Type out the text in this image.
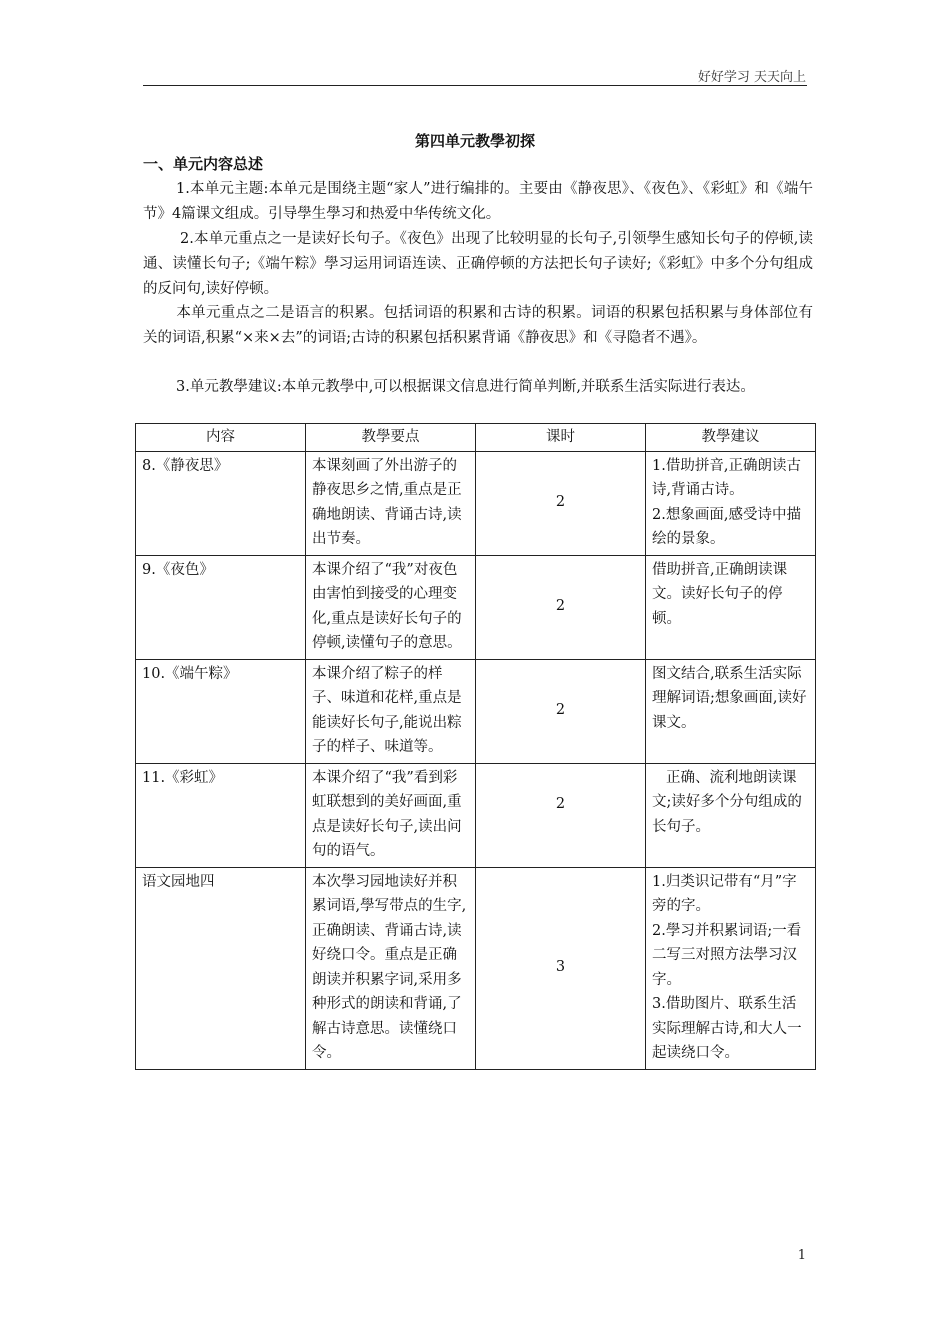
好好学习 天天向上
第四单元教學初探
一、单元内容总述
1.本单元主题:本单元是围绕主题“家人”进行编排的。主要由《静夜思》、《夜色》、《彩虹》和《端午节》4篇课文组成。引导學生學习和热爱中华传统文化。
2.本单元重点之一是读好长句子。《夜色》出现了比较明显的长句子,引领學生感知长句子的停顿,读通、读懂长句子;《端午粽》學习运用词语连读、正确停顿的方法把长句子读好;《彩虹》中多个分句组成的反问句,读好停顿。
本单元重点之二是语言的积累。包括词语的积累和古诗的积累。词语的积累包括积累与身体部位有关的词语,积累“×来×去”的词语;古诗的积累包括积累背诵《静夜思》和《寻隐者不遇》。
3.单元教學建议:本单元教學中,可以根据课文信息进行简单判断,并联系生活实际进行表达。
内容	教學要点	课时	教學建议
8.《静夜思》	本课刻画了外出游子的静夜思乡之情,重点是正确地朗读、背诵古诗,读出节奏。	2	1.借助拼音,正确朗读古诗,背诵古诗。
2.想象画面,感受诗中描绘的景象。

9.《夜色》	本课介绍了“我”对夜色由害怕到接受的心理变化,重点是读好长句子的停顿,读懂句子的意思。	2	借助拼音,正确朗读课文。读好长句子的停顿。

10.《端午粽》	本课介绍了粽子的样子、味道和花样,重点是能读好长句子,能说出粽子的样子、味道等。	2	图文结合,联系生活实际理解词语;想象画面,读好课文。

11.《彩虹》	本课介绍了“我”看到彩虹联想到的美好画面,重点是读好长句子,读出问句的语气。	2	正确、流利地朗读课文;读好多个分句组成的长句子。

语文园地四	本次學习园地读好并积累词语,學写带点的生字,正确朗读、背诵古诗,读好绕口令。重点是正确朗读并积累字词,采用多种形式的朗读和背诵,了解古诗意思。读懂绕口令。	3	1.归类识记带有“月”字旁的字。
2.學习并积累词语;一看二写三对照方法學习汉字。
3.借助图片、联系生活实际理解古诗,和大人一起读绕口令。
1
